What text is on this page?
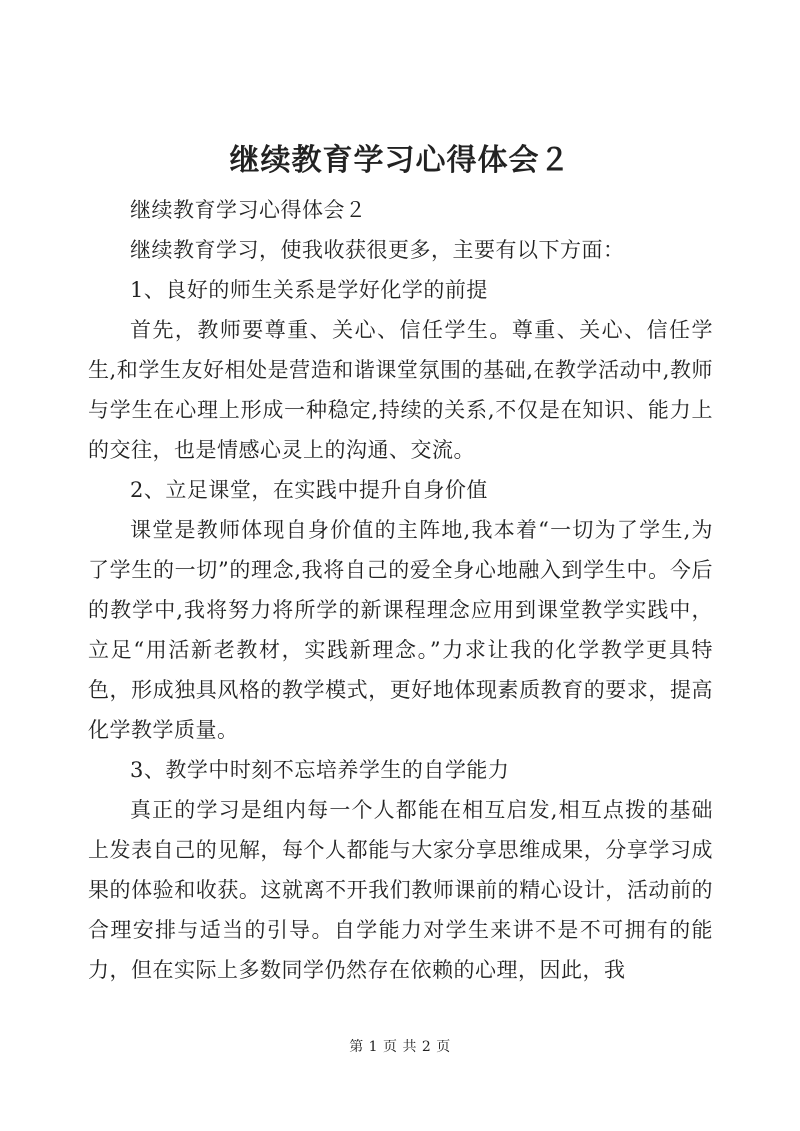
继续教育学习心得体会２

继续教育学习心得体会２

继续教育学习，使我收获很更多，主要有以下方面：

1、良好的师生关系是学好化学的前提

首先，教师要尊重、关心、信任学生。尊重、关心、信任学生,和学生友好相处是营造和谐课堂氛围的基础,在教学活动中,教师与学生在心理上形成一种稳定,持续的关系,不仅是在知识、能力上的交往，也是情感心灵上的沟通、交流。

2、立足课堂，在实践中提升自身价值

课堂是教师体现自身价值的主阵地,我本着“一切为了学生,为了学生的一切”的理念,我将自己的爱全身心地融入到学生中。今后的教学中,我将努力将所学的新课程理念应用到课堂教学实践中，立足“用活新老教材，实践新理念。”力求让我的化学教学更具特色，形成独具风格的教学模式，更好地体现素质教育的要求，提高化学教学质量。

3、教学中时刻不忘培养学生的自学能力

真正的学习是组内每一个人都能在相互启发,相互点拨的基础上发表自己的见解，每个人都能与大家分享思维成果，分享学习成果的体验和收获。这就离不开我们教师课前的精心设计，活动前的合理安排与适当的引导。自学能力对学生来讲不是不可拥有的能力，但在实际上多数同学仍然存在依赖的心理，因此，我

第 1 页 共 2 页
